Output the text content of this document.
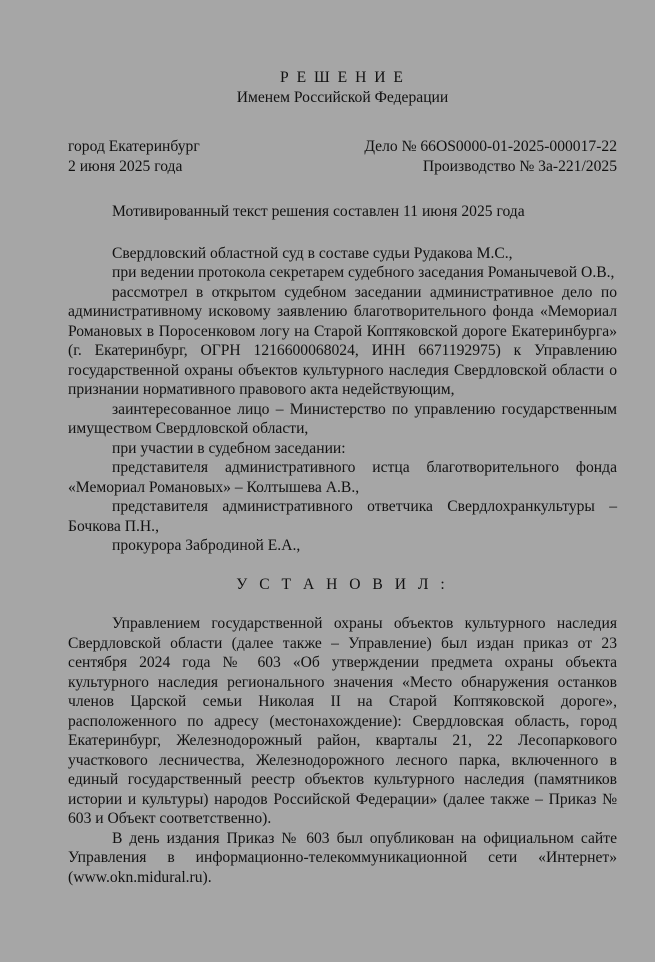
Р Е Ш Е Н И Е
Именем Российской Федерации
город Екатеринбург	Дело № 66OS0000-01-2025-000017-22
2 июня 2025 года	Производство № 3а-221/2025
Мотивированный текст решения составлен 11 июня 2025 года

Свердловский областной суд в составе судьи Рудакова М.С.,

при ведении протокола секретарем судебного заседания Романычевой О.В.,

рассмотрел в открытом судебном заседании административное дело по административному исковому заявлению благотворительного фонда «Мемориал Романовых в Поросенковом логу на Старой Коптяковской дороге Екатеринбурга» (г. Екатеринбург, ОГРН 1216600068024, ИНН 6671192975) к Управлению государственной охраны объектов культурного наследия Свердловской области о признании нормативного правового акта недействующим,

заинтересованное лицо – Министерство по управлению государственным имуществом Свердловской области,

при участии в судебном заседании:

представителя административного истца благотворительного фонда «Мемориал Романовых» – Колтышева А.В.,

представителя административного ответчика Свердлохранкультуры – Бочкова П.Н.,

прокурора Забродиной Е.А.,

У С Т А Н О В И Л :

Управлением государственной охраны объектов культурного наследия Свердловской области (далее также – Управление) был издан приказ от 23 сентября 2024 года № 603 «Об утверждении предмета охраны объекта культурного наследия регионального значения «Место обнаружения останков членов Царской семьи Николая II на Старой Коптяковской дороге», расположенного по адресу (местонахождение): Свердловская область, город Екатеринбург, Железнодорожный район, кварталы 21, 22 Лесопаркового участкового лесничества, Железнодорожного лесного парка, включенного в единый государственный реестр объектов культурного наследия (памятников истории и культуры) народов Российской Федерации» (далее также – Приказ № 603 и Объект соответственно).

В день издания Приказ № 603 был опубликован на официальном сайте Управления в информационно-телекоммуникационной сети «Интернет» (www.okn.midural.ru).
